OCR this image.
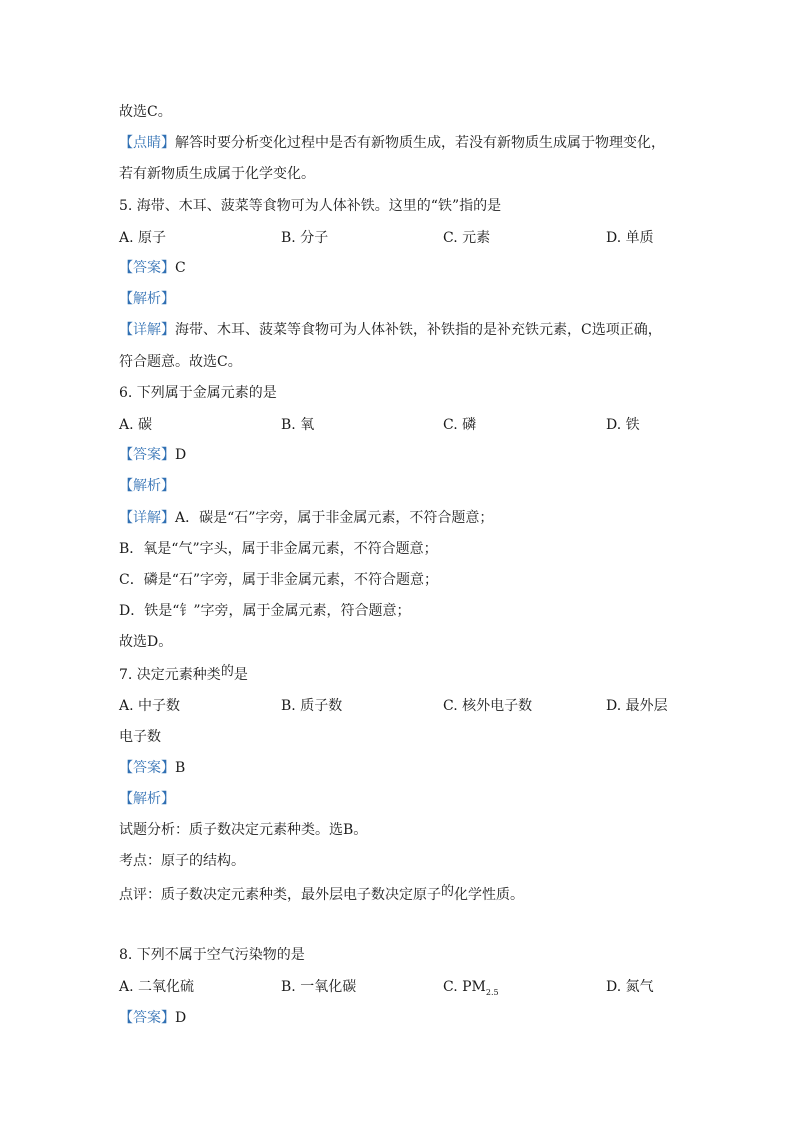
故选C。
【点睛】解答时要分析变化过程中是否有新物质生成，若没有新物质生成属于物理变化，
若有新物质生成属于化学变化。
5. 海带、木耳、菠菜等食物可为人体补铁。这里的“铁”指的是
A. 原子	B. 分子	C. 元素	D. 单质
【答案】C
【解析】
【详解】海带、木耳、菠菜等食物可为人体补铁，补铁指的是补充铁元素，C选项正确，
符合题意。故选C。
6. 下列属于金属元素的是
A. 碳	B. 氧	C. 磷	D. 铁
【答案】D
【解析】
【详解】A．碳是“石”字旁，属于非金属元素，不符合题意；
B．氧是“气”字头，属于非金属元素，不符合题意；
C．磷是“石”字旁，属于非金属元素，不符合题意；
D．铁是“钅”字旁，属于金属元素，符合题意；
故选D。
7. 决定元素种类的是
A. 中子数	B. 质子数	C. 核外电子数	D. 最外层
电子数
【答案】B
【解析】
试题分析：质子数决定元素种类。选B。
考点：原子的结构。
点评：质子数决定元素种类，最外层电子数决定原子的化学性质。
8. 下列不属于空气污染物的是
A. 二氧化硫	B. 一氧化碳	C. $PM_{2.5}$	D. 氮气
【答案】D
